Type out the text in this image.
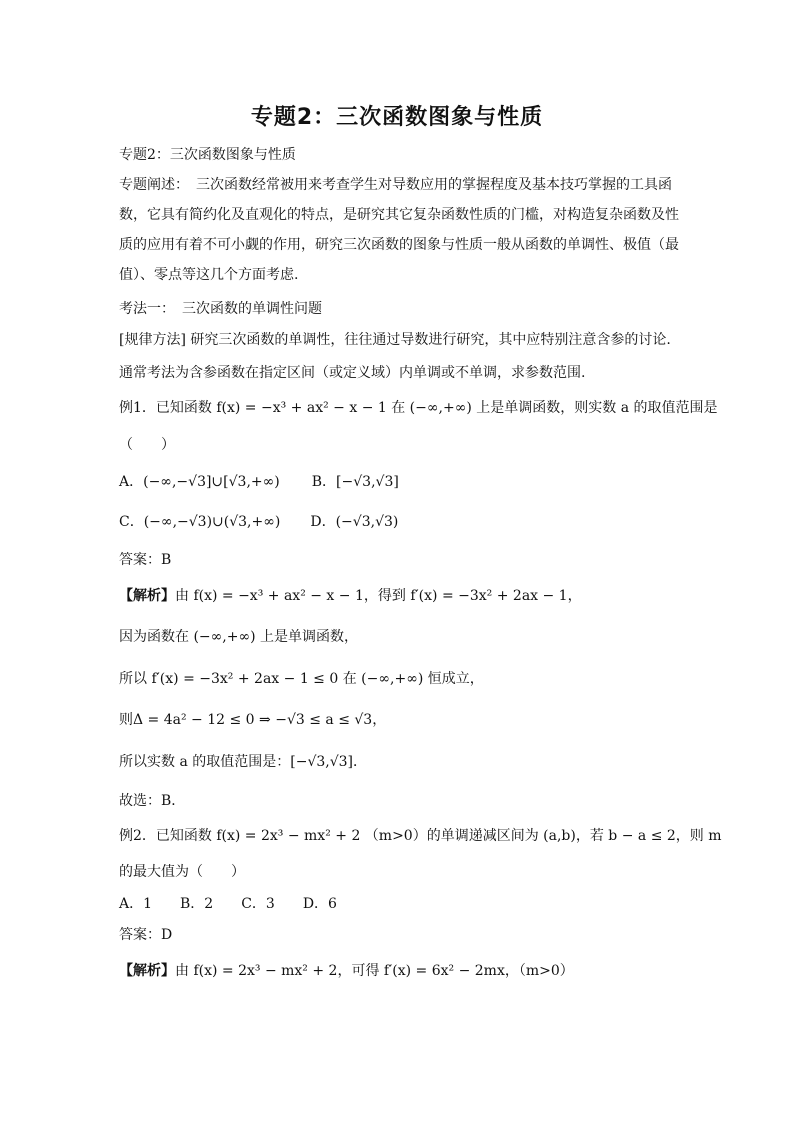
专题2：三次函数图象与性质
专题2：三次函数图象与性质
专题阐述：　三次函数经常被用来考查学生对导数应用的掌握程度及基本技巧掌握的工具函
数，它具有简约化及直观化的特点，是研究其它复杂函数性质的门槛，对构造复杂函数及性
质的应用有着不可小觑的作用，研究三次函数的图象与性质一般从函数的单调性、极值（最
值）、零点等这几个方面考虑.
考法一：　三次函数的单调性问题
[规律方法] 研究三次函数的单调性，往往通过导数进行研究，其中应特别注意含参的讨论.
通常考法为含参函数在指定区间（或定义域）内单调或不单调，求参数范围.
例1．已知函数 f(x) = −x³ + ax² − x − 1 在 (−∞,+∞) 上是单调函数，则实数 a 的取值范围是
（　　）
A．(−∞,−√3]∪[√3,+∞) B．[−√3,√3]
C．(−∞,−√3)∪(√3,+∞) D．(−√3,√3)
答案：B
【解析】由 f(x) = −x³ + ax² − x − 1，得到 f′(x) = −3x² + 2ax − 1，
因为函数在 (−∞,+∞) 上是单调函数，
所以 f′(x) = −3x² + 2ax − 1 ≤ 0 在 (−∞,+∞) 恒成立，
则Δ = 4a² − 12 ≤ 0 ⇒ −√3 ≤ a ≤ √3，
所以实数 a 的取值范围是：[−√3,√3]．
故选：B．
例2．已知函数 f(x) = 2x³ − mx² + 2 （m>0）的单调递减区间为 (a,b)，若 b − a ≤ 2，则 m
的最大值为（　　）
A．1　　B．2　　C．3　　D．6
答案：D
【解析】由 f(x) = 2x³ − mx² + 2，可得 f′(x) = 6x² − 2mx，（m>0）
